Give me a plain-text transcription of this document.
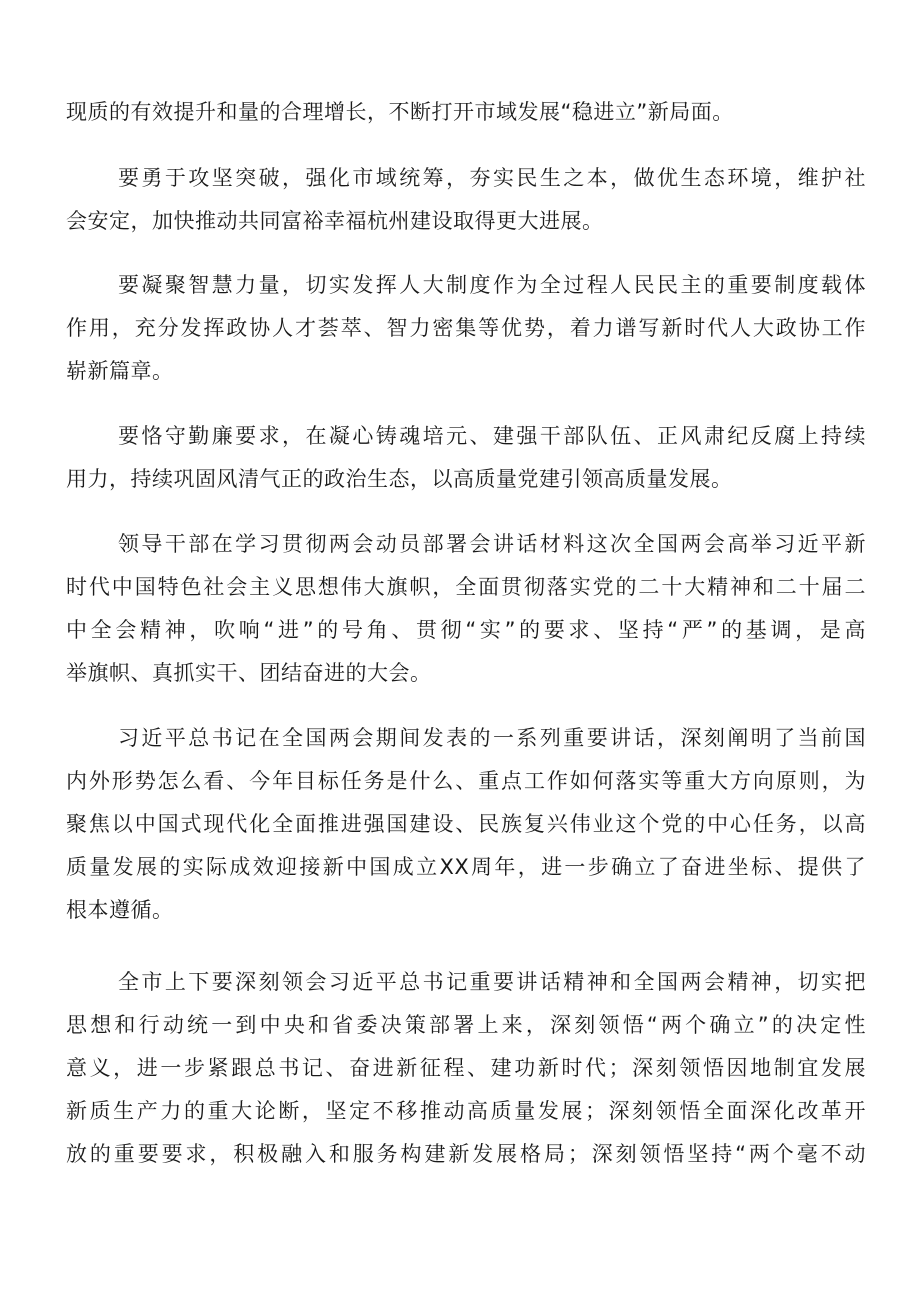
现质的有效提升和量的合理增长，不断打开市域发展“稳进立”新局面。

要勇于攻坚突破，强化市域统筹，夯实民生之本，做优生态环境，维护社

会安定，加快推动共同富裕幸福杭州建设取得更大进展。

要凝聚智慧力量，切实发挥人大制度作为全过程人民民主的重要制度载体

作用，充分发挥政协人才荟萃、智力密集等优势，着力谱写新时代人大政协工作

崭新篇章。

要恪守勤廉要求，在凝心铸魂培元、建强干部队伍、正风肃纪反腐上持续

用力，持续巩固风清气正的政治生态，以高质量党建引领高质量发展。

领导干部在学习贯彻两会动员部署会讲话材料这次全国两会高举习近平新

时代中国特色社会主义思想伟大旗帜，全面贯彻落实党的二十大精神和二十届二

中全会精神，吹响“进”的号角、贯彻“实”的要求、坚持“严”的基调，是高

举旗帜、真抓实干、团结奋进的大会。

习近平总书记在全国两会期间发表的一系列重要讲话，深刻阐明了当前国

内外形势怎么看、今年目标任务是什么、重点工作如何落实等重大方向原则，为

聚焦以中国式现代化全面推进强国建设、民族复兴伟业这个党的中心任务，以高

质量发展的实际成效迎接新中国成立XX周年，进一步确立了奋进坐标、提供了

根本遵循。

全市上下要深刻领会习近平总书记重要讲话精神和全国两会精神，切实把

思想和行动统一到中央和省委决策部署上来，深刻领悟“两个确立”的决定性

意义，进一步紧跟总书记、奋进新征程、建功新时代；深刻领悟因地制宜发展

新质生产力的重大论断，坚定不移推动高质量发展；深刻领悟全面深化改革开

放的重要要求，积极融入和服务构建新发展格局；深刻领悟坚持“两个毫不动
